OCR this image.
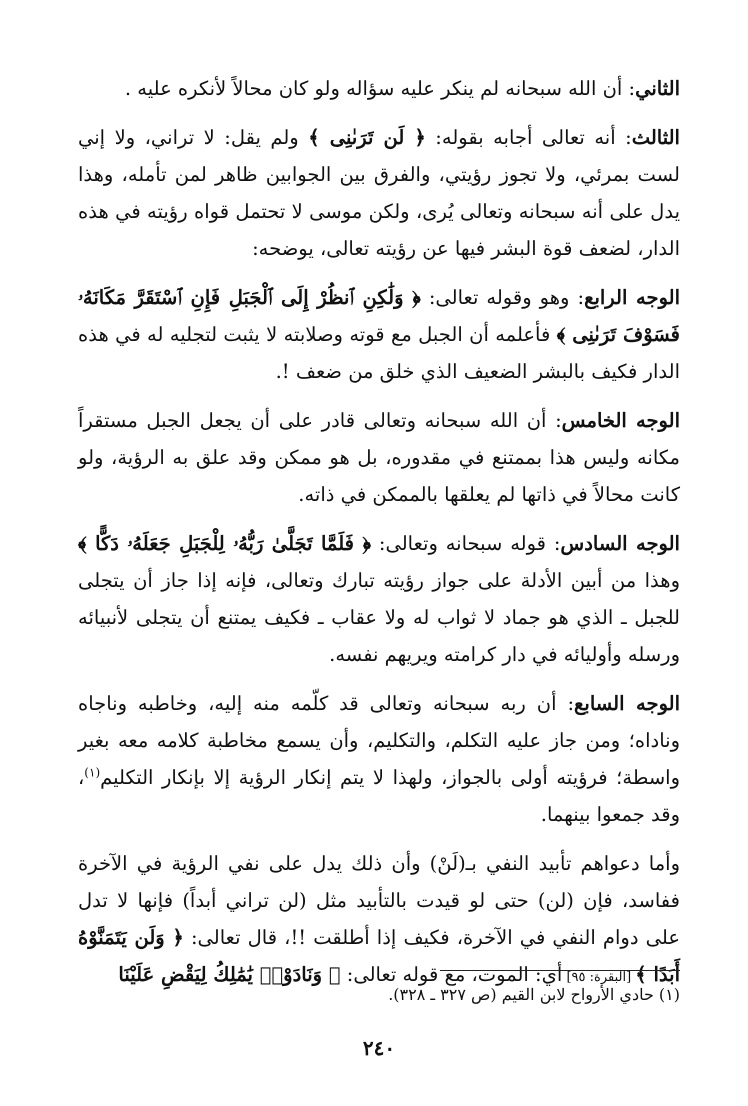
الثاني: أن الله سبحانه لم ينكر عليه سؤاله ولو كان محالاً لأنكره عليه .

الثالث: أنه تعالى أجابه بقوله: ﴿ لَن تَرَىٰنِى ﴾ ولم يقل: لا تراني، ولا إني لست بمرئي، ولا تجوز رؤيتي، والفرق بين الجوابين ظاهر لمن تأمله، وهذا يدل على أنه سبحانه وتعالى يُرى، ولكن موسى لا تحتمل قواه رؤيته في هذه الدار، لضعف قوة البشر فيها عن رؤيته تعالى، يوضحه:

الوجه الرابع: وهو وقوله تعالى: ﴿ وَلَٰكِنِ ٱنظُرْ إِلَى ٱلْجَبَلِ فَإِنِ ٱسْتَقَرَّ مَكَانَهُۥ فَسَوْفَ تَرَىٰنِى ﴾ فأعلمه أن الجبل مع قوته وصلابته لا يثبت لتجليه له في هذه الدار فكيف بالبشر الضعيف الذي خلق من ضعف !.

الوجه الخامس: أن الله سبحانه وتعالى قادر على أن يجعل الجبل مستقراً مكانه وليس هذا بممتنع في مقدوره، بل هو ممكن وقد علق به الرؤية، ولو كانت محالاً في ذاتها لم يعلقها بالممكن في ذاته.

الوجه السادس: قوله سبحانه وتعالى: ﴿ فَلَمَّا تَجَلَّىٰ رَبُّهُۥ لِلْجَبَلِ جَعَلَهُۥ دَكًّا ﴾ وهذا من أبين الأدلة على جواز رؤيته تبارك وتعالى، فإنه إذا جاز أن يتجلى للجبل ـ الذي هو جماد لا ثواب له ولا عقاب ـ فكيف يمتنع أن يتجلى لأنبيائه ورسله وأوليائه في دار كرامته ويريهم نفسه.

الوجه السابع: أن ربه سبحانه وتعالى قد كلّمه منه إليه، وخاطبه وناجاه وناداه؛ ومن جاز عليه التكلم، والتكليم، وأن يسمع مخاطبة كلامه معه بغير واسطة؛ فرؤيته أولى بالجواز، ولهذا لا يتم إنكار الرؤية إلا بإنكار التكليم$^{(١)}$، وقد جمعوا بينهما.

وأما دعواهم تأبيد النفي بـ(لَنْ) وأن ذلك يدل على نفي الرؤية في الآخرة ففاسد، فإن (لن) حتى لو قيدت بالتأبيد مثل (لن تراني أبداً) فإنها لا تدل على دوام النفي في الآخرة، فكيف إذا أطلقت !!، قال تعالى: ﴿ وَلَن يَتَمَنَّوْهُ أَبَدًا ﴾ [البقرة: ٩٥] أي: الموت، مع قوله تعالى: ﴿ وَنَادَوْا۟ يَٰمَٰلِكُ لِيَقْضِ عَلَيْنَا

(١) حادي الأرواح لابن القيم (ص ٣٢٧ ـ ٣٢٨).
٢٤٠
